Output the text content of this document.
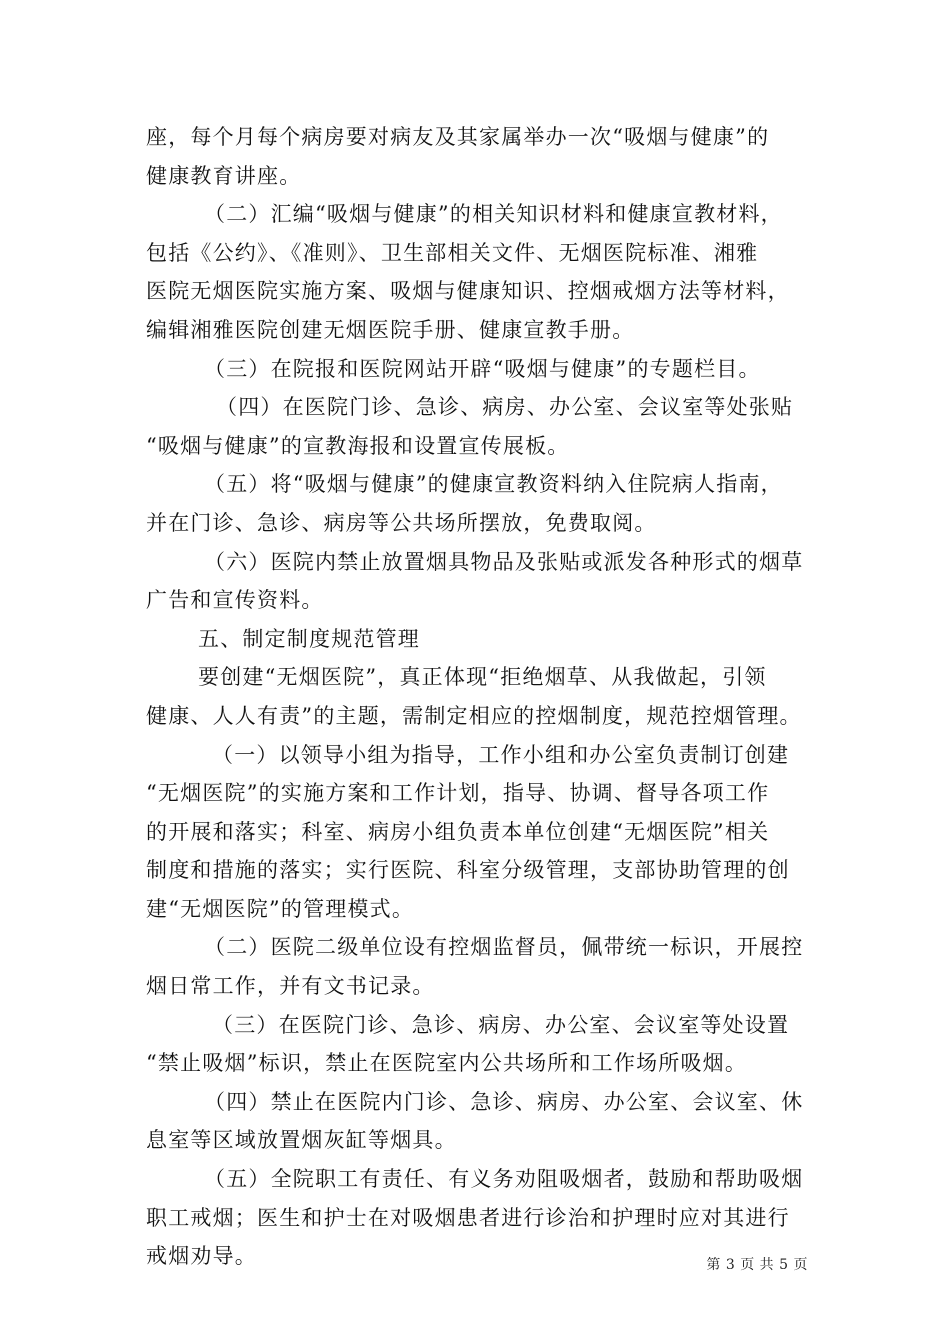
座，每个月每个病房要对病友及其家属举办一次“吸烟与健康”的
健康教育讲座。
（二）汇编“吸烟与健康”的相关知识材料和健康宣教材料，
包括《公约》、《准则》、卫生部相关文件、无烟医院标准、湘雅
医院无烟医院实施方案、吸烟与健康知识、控烟戒烟方法等材料，
编辑湘雅医院创建无烟医院手册、健康宣教手册。
（三）在院报和医院网站开辟“吸烟与健康”的专题栏目。
（四）在医院门诊、急诊、病房、办公室、会议室等处张贴
“吸烟与健康”的宣教海报和设置宣传展板。
（五）将“吸烟与健康”的健康宣教资料纳入住院病人指南，
并在门诊、急诊、病房等公共场所摆放，免费取阅。
（六）医院内禁止放置烟具物品及张贴或派发各种形式的烟草
广告和宣传资料。
五、制定制度规范管理
要创建“无烟医院”，真正体现“拒绝烟草、从我做起，引领
健康、人人有责”的主题，需制定相应的控烟制度，规范控烟管理。
（一）以领导小组为指导，工作小组和办公室负责制订创建
“无烟医院”的实施方案和工作计划，指导、协调、督导各项工作
的开展和落实；科室、病房小组负责本单位创建“无烟医院”相关
制度和措施的落实；实行医院、科室分级管理，支部协助管理的创
建“无烟医院”的管理模式。
（二）医院二级单位设有控烟监督员，佩带统一标识，开展控
烟日常工作，并有文书记录。
（三）在医院门诊、急诊、病房、办公室、会议室等处设置
“禁止吸烟”标识，禁止在医院室内公共场所和工作场所吸烟。
（四）禁止在医院内门诊、急诊、病房、办公室、会议室、休
息室等区域放置烟灰缸等烟具。
（五）全院职工有责任、有义务劝阻吸烟者，鼓励和帮助吸烟
职工戒烟；医生和护士在对吸烟患者进行诊治和护理时应对其进行
戒烟劝导。	第 3 页 共 5 页
